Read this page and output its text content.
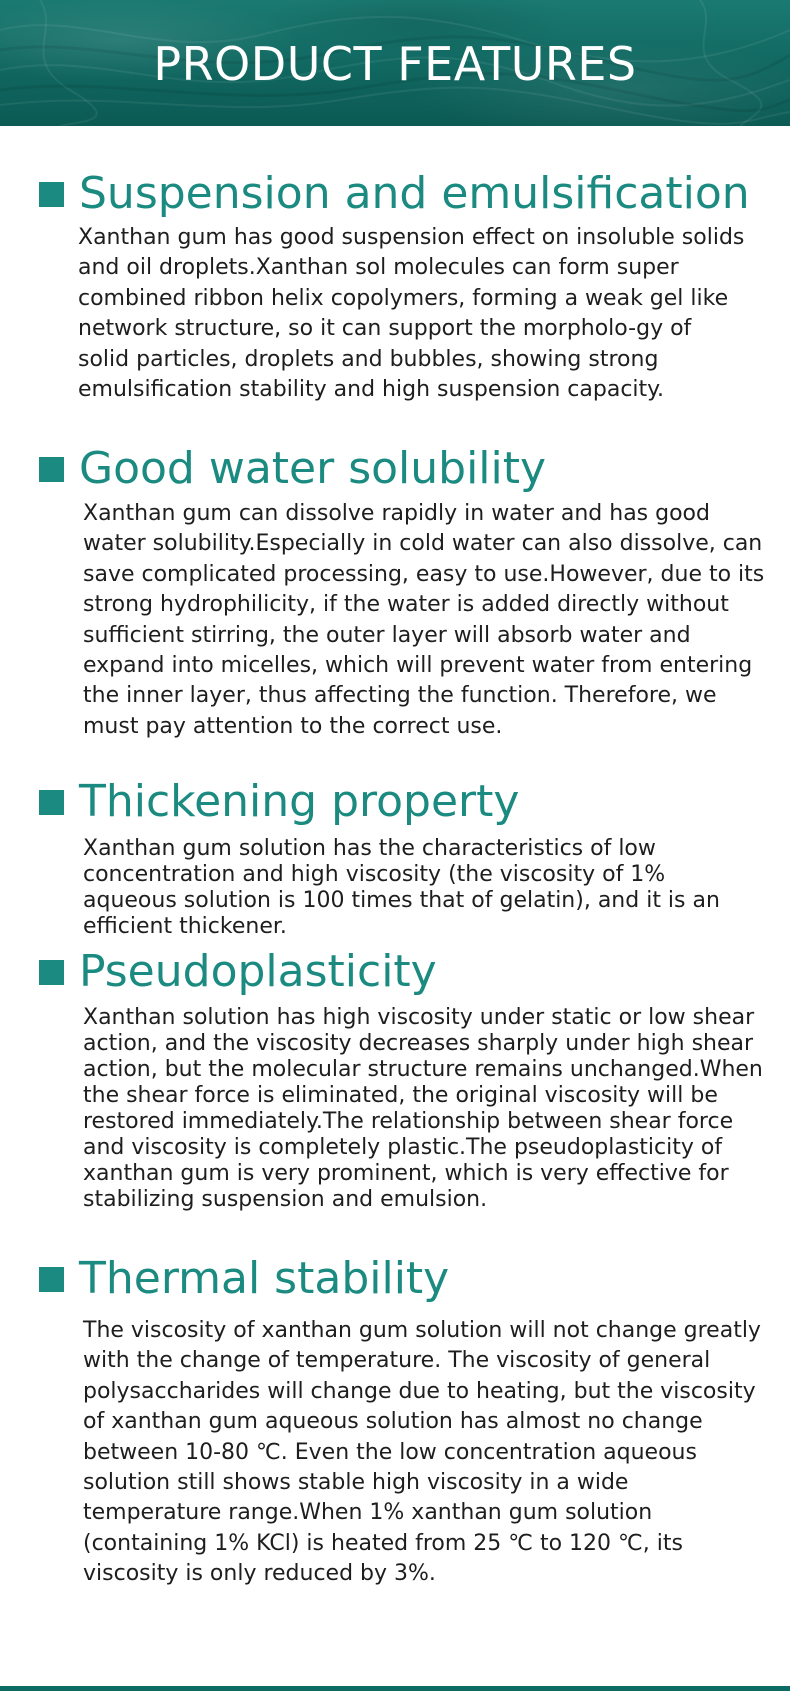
PRODUCT FEATURES
Suspension and emulsification

Xanthan gum has good suspension effect on insoluble solids and oil droplets.Xanthan sol molecules can form super combined ribbon helix copolymers, forming a weak gel like network structure, so it can support the morpholo-gy of solid particles, droplets and bubbles, showing strong emulsification stability and high suspension capacity.

Good water solubility

Xanthan gum can dissolve rapidly in water and has good water solubility.Especially in cold water can also dissolve, can save complicated processing, easy to use.However, due to its strong hydrophilicity, if the water is added directly without sufficient stirring, the outer layer will absorb water and expand into micelles, which will prevent water from entering the inner layer, thus affecting the function. Therefore, we must pay attention to the correct use.

Thickening property

Xanthan gum solution has the characteristics of low concentration and high viscosity (the viscosity of 1% aqueous solution is 100 times that of gelatin), and it is an efficient thickener.

Pseudoplasticity

Xanthan solution has high viscosity under static or low shear action, and the viscosity decreases sharply under high shear action, but the molecular structure remains unchanged.When the shear force is eliminated, the original viscosity will be restored immediately.The relationship between shear force and viscosity is completely plastic.The pseudoplasticity of xanthan gum is very prominent, which is very effective for stabilizing suspension and emulsion.

Thermal stability

The viscosity of xanthan gum solution will not change greatly with the change of temperature. The viscosity of general polysaccharides will change due to heating, but the viscosity of xanthan gum aqueous solution has almost no change between 10-80 ℃. Even the low concentration aqueous solution still shows stable high viscosity in a wide temperature range.When 1% xanthan gum solution (containing 1% KCl) is heated from 25 ℃ to 120 ℃, its viscosity is only reduced by 3%.
